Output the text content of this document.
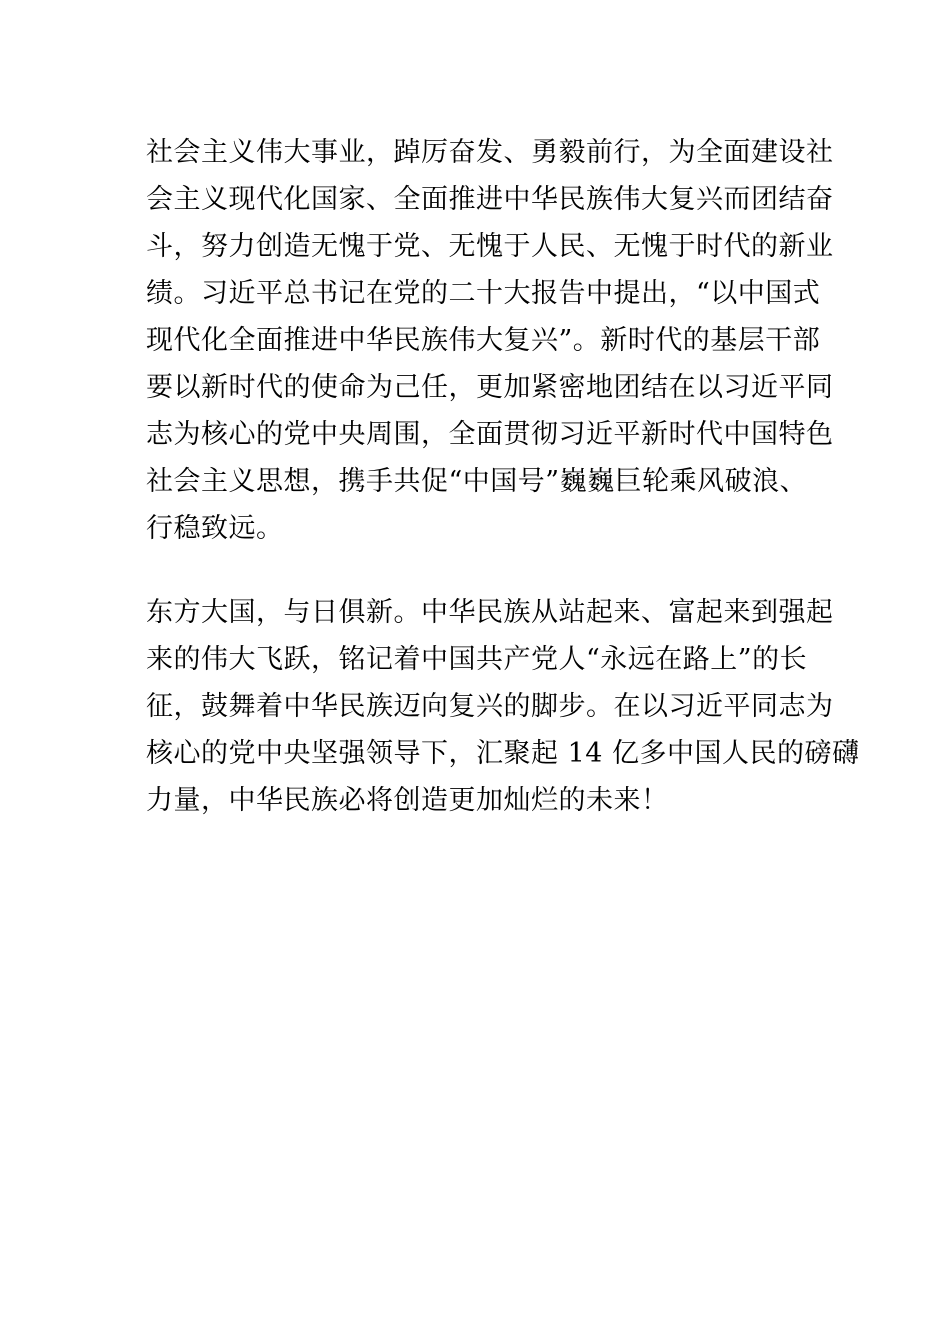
社会主义伟大事业，踔厉奋发、勇毅前行，为全面建设社
会主义现代化国家、全面推进中华民族伟大复兴而团结奋
斗，努力创造无愧于党、无愧于人民、无愧于时代的新业
绩。习近平总书记在党的二十大报告中提出，“以中国式
现代化全面推进中华民族伟大复兴”。新时代的基层干部
要以新时代的使命为己任，更加紧密地团结在以习近平同
志为核心的党中央周围，全面贯彻习近平新时代中国特色
社会主义思想，携手共促“中国号”巍巍巨轮乘风破浪、
行稳致远。
东方大国，与日俱新。中华民族从站起来、富起来到强起
来的伟大飞跃，铭记着中国共产党人“永远在路上”的长
征，鼓舞着中华民族迈向复兴的脚步。在以习近平同志为
核心的党中央坚强领导下，汇聚起 14 亿多中国人民的磅礴
力量，中华民族必将创造更加灿烂的未来！
